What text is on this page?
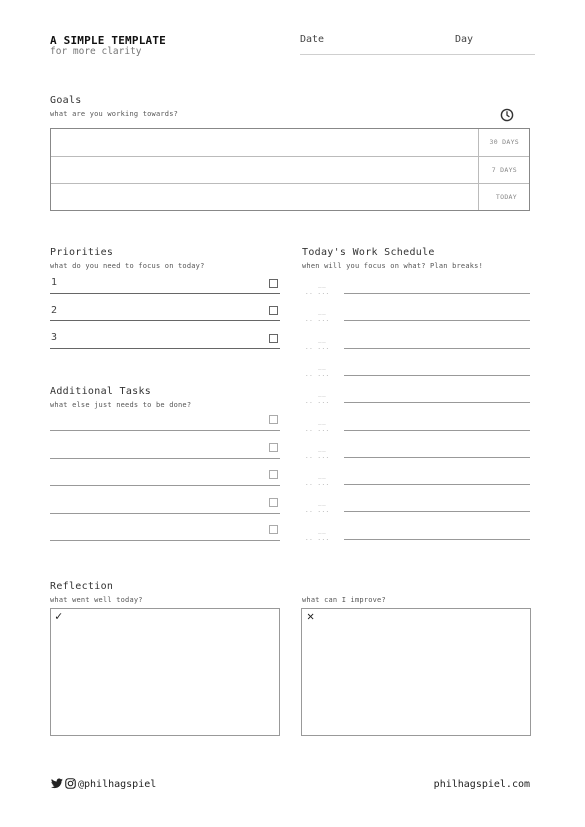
A SIMPLE TEMPLATE
for more clarity
Date	Day
Goals
what are you working towards?
30 DAYS
7 DAYS
TODAY
Priorities
what do you need to focus on today?
1
2
3
Additional Tasks
what else just needs to be done?
Today's Work Schedule
when will you focus on what? Plan breaks!
__
.. ...
__
.. ...
__
.. ...
__
.. ...
__
.. ...
__
.. ...
__
.. ...
__
.. ...
__
.. ...
__
.. ...
Reflection
what went well today?	what can I improve?
✓	✕
@philhagspiel	philhagspiel.com
